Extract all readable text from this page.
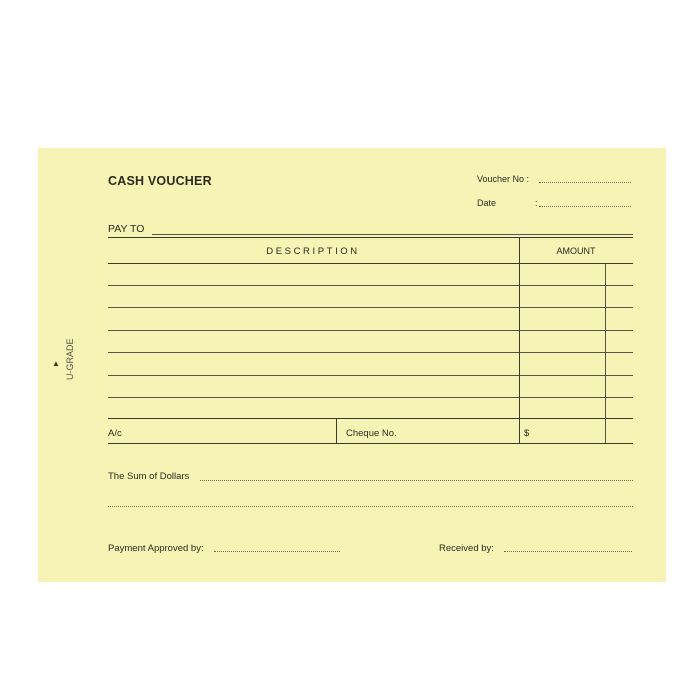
▲ U-GRADE
CASH VOUCHER	Voucher No :
Date	:
PAY TO
DESCRIPTION	AMOUNT
A/c	Cheque No.	$
The Sum of Dollars
Payment Approved by:	Received by:
